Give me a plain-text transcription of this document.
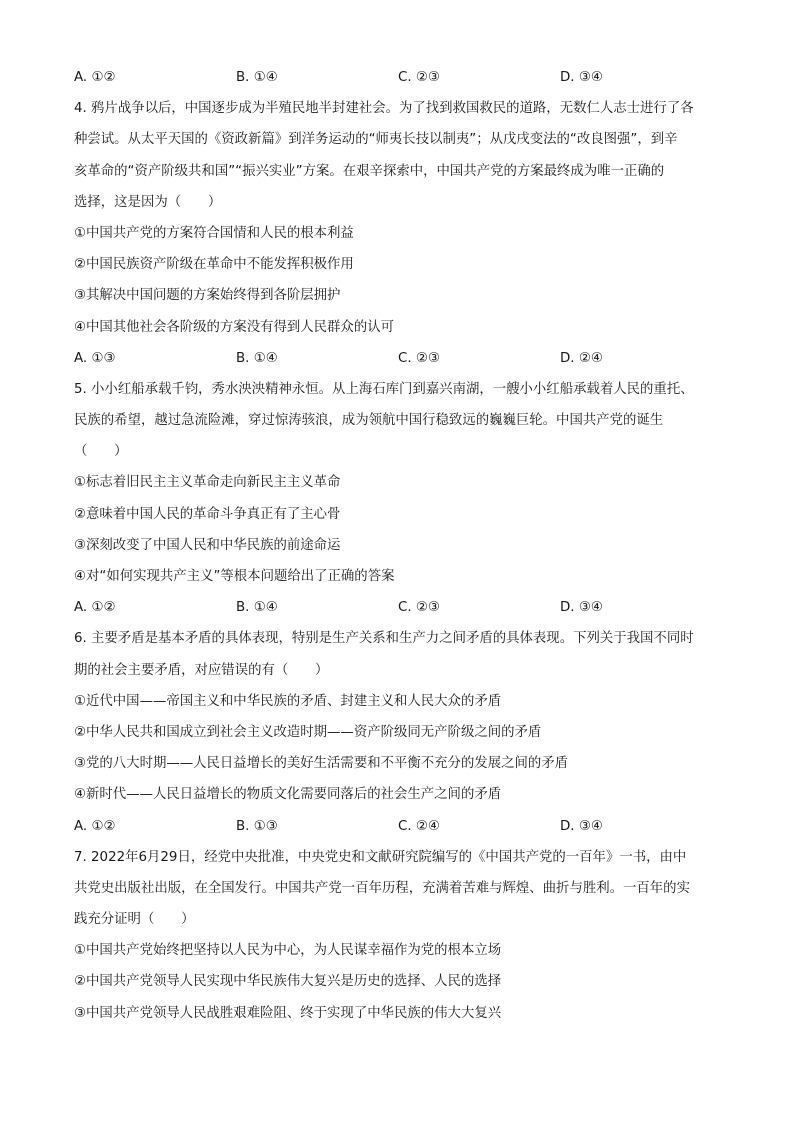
A. ①②	B. ①④	C. ②③	D. ③④
4. 鸦片战争以后，中国逐步成为半殖民地半封建社会。为了找到救国救民的道路，无数仁人志士进行了各
种尝试。从太平天国的《资政新篇》到洋务运动的“师夷长技以制夷”；从戊戌变法的“改良图强”，到辛
亥革命的“资产阶级共和国”“振兴实业”方案。在艰辛探索中，中国共产党的方案最终成为唯一正确的
选择，这是因为（　　）
①中国共产党的方案符合国情和人民的根本利益
②中国民族资产阶级在革命中不能发挥积极作用
③其解决中国问题的方案始终得到各阶层拥护
④中国其他社会各阶级的方案没有得到人民群众的认可
A. ①③	B. ①④	C. ②③	D. ②④
5. 小小红船承载千钧，秀水泱泱精神永恒。从上海石库门到嘉兴南湖，一艘小小红船承载着人民的重托、
民族的希望，越过急流险滩，穿过惊涛骇浪，成为领航中国行稳致远的巍巍巨轮。中国共产党的诞生
（　　）
①标志着旧民主主义革命走向新民主主义革命
②意味着中国人民的革命斗争真正有了主心骨
③深刻改变了中国人民和中华民族的前途命运
④对“如何实现共产主义”等根本问题给出了正确的答案
A. ①②	B. ①④	C. ②③	D. ③④
6. 主要矛盾是基本矛盾的具体表现，特别是生产关系和生产力之间矛盾的具体表现。下列关于我国不同时
期的社会主要矛盾，对应错误的有（　　）
①近代中国——帝国主义和中华民族的矛盾、封建主义和人民大众的矛盾
②中华人民共和国成立到社会主义改造时期——资产阶级同无产阶级之间的矛盾
③党的八大时期——人民日益增长的美好生活需要和不平衡不充分的发展之间的矛盾
④新时代——人民日益增长的物质文化需要同落后的社会生产之间的矛盾
A. ①②	B. ①③	C. ②④	D. ③④
7. 2022年6月29日，经党中央批准，中央党史和文献研究院编写的《中国共产党的一百年》一书，由中
共党史出版社出版，在全国发行。中国共产党一百年历程，充满着苦难与辉煌、曲折与胜利。一百年的实
践充分证明（　　）
①中国共产党始终把坚持以人民为中心，为人民谋幸福作为党的根本立场
②中国共产党领导人民实现中华民族伟大复兴是历史的选择、人民的选择
③中国共产党领导人民战胜艰难险阻、终于实现了中华民族的伟大大复兴
